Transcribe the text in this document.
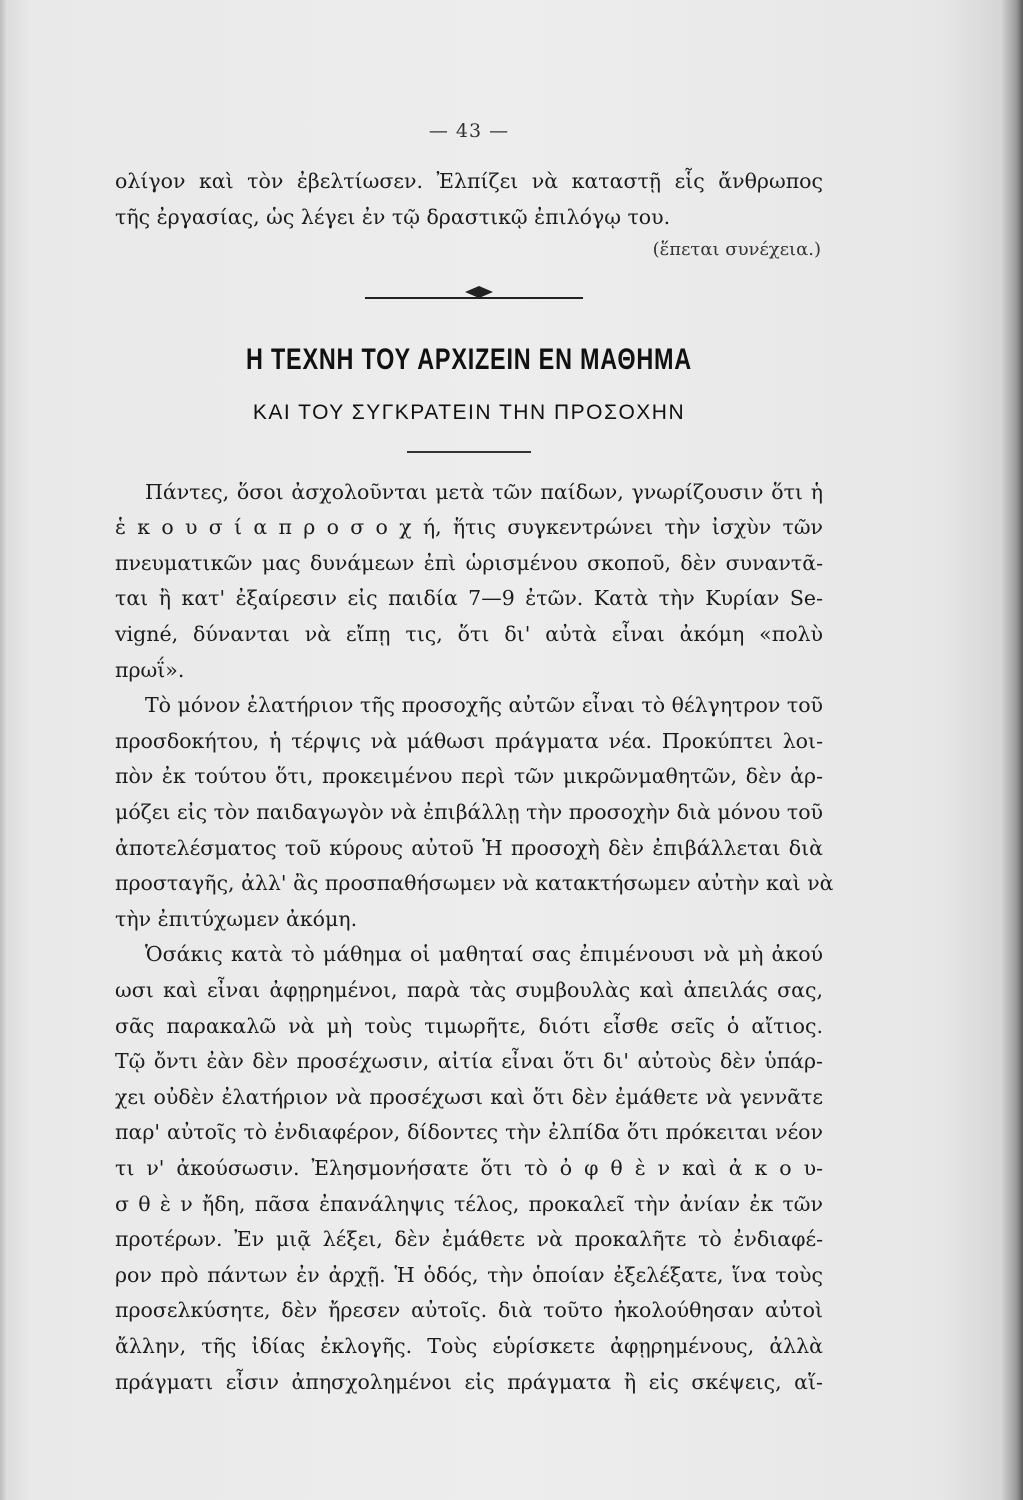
— 43 —
ολίγον καὶ τὸν ἐβελτίωσεν. Ἐλπίζει νὰ καταστῇ εἷς ἄνθρωπος
τῆς ἐργασίας, ὡς λέγει ἐν τῷ δραστικῷ ἐπιλόγῳ του.
(ἕπεται συνέχεια.)
Η ΤΕΧΝΗ ΤΟΥ ΑΡΧΙΖΕΙΝ ΕΝ ΜΑΘΗΜΑ
ΚΑΙ ΤΟΥ ΣΥΓΚΡΑΤΕΙΝ ΤΗΝ ΠΡΟΣΟΧΗΝ
Πάντες, ὅσοι ἀσχολοῦνται μετὰ τῶν παίδων, γνωρίζουσιν ὅτι ἡ
ἑ κ ο υ σ ί α π ρ ο σ ο χ ή, ἥτις συγκεντρώνει τὴν ἰσχὺν τῶν
πνευματικῶν μας δυνάμεων ἐπὶ ὡρισμένου σκοποῦ, δὲν συναντᾶ-
ται ἢ κατ' ἐξαίρεσιν εἰς παιδία 7—9 ἐτῶν. Κατὰ τὴν Κυρίαν Se-
vigné, δύνανται νὰ εἴπῃ τις, ὅτι δι' αὐτὰ εἶναι ἀκόμη «πολὺ
πρωΐ».
Τὸ μόνον ἐλατήριον τῆς προσοχῆς αὐτῶν εἶναι τὸ θέλγητρον τοῦ
προσδοκήτου, ἡ τέρψις νὰ μάθωσι πράγματα νέα. Προκύπτει λοι-
πὸν ἐκ τούτου ὅτι, προκειμένου περὶ τῶν μικρῶνμαθητῶν, δὲν ἁρ-
μόζει εἰς τὸν παιδαγωγὸν νὰ ἐπιβάλλῃ τὴν προσοχὴν διὰ μόνου τοῦ
ἀποτελέσματος τοῦ κύρους αὐτοῦ Ἡ προσοχὴ δὲν ἐπιβάλλεται διὰ
προσταγῆς, ἀλλ' ἂς προσπαθήσωμεν νὰ κατακτήσωμεν αὐτὴν καὶ νὰ
τὴν ἐπιτύχωμεν ἀκόμη.
Ὁσάκις κατὰ τὸ μάθημα οἱ μαθηταί σας ἐπιμένουσι νὰ μὴ ἀκού
ωσι καὶ εἶναι ἀφῃρημένοι, παρὰ τὰς συμβουλὰς καὶ ἀπειλάς σας,
σᾶς παρακαλῶ νὰ μὴ τοὺς τιμωρῆτε, διότι εἶσθε σεῖς ὁ αἴτιος.
Τῷ ὄντι ἐὰν δὲν προσέχωσιν, αἰτία εἶναι ὅτι δι' αὐτοὺς δὲν ὑπάρ-
χει οὐδὲν ἐλατήριον νὰ προσέχωσι καὶ ὅτι δὲν ἐμάθετε νὰ γεννᾶτε
παρ' αὐτοῖς τὸ ἐνδιαφέρον, δίδοντες τὴν ἐλπίδα ὅτι πρόκειται νέον
τι ν' ἀκούσωσιν. Ἐλησμονήσατε ὅτι τὸ ὀ φ θ ὲ ν καὶ ἀ κ ο υ-
σ θ ὲ ν ἤδη, πᾶσα ἐπανάληψις τέλος, προκαλεῖ τὴν ἀνίαν ἐκ τῶν
προτέρων. Ἐν μιᾷ λέξει, δὲν ἐμάθετε νὰ προκαλῆτε τὸ ἐνδιαφέ-
ρον πρὸ πάντων ἐν ἀρχῇ. Ἡ ὁδός, τὴν ὁποίαν ἐξελέξατε, ἵνα τοὺς
προσελκύσητε, δὲν ἤρεσεν αὐτοῖς. διὰ τοῦτο ἠκολούθησαν αὐτοὶ
ἄλλην, τῆς ἰδίας ἐκλογῆς. Τοὺς εὑρίσκετε ἀφῃρημένους, ἀλλὰ
πράγματι εἶσιν ἀπησχολημένοι εἰς πράγματα ἢ εἰς σκέψεις, αἵ-
